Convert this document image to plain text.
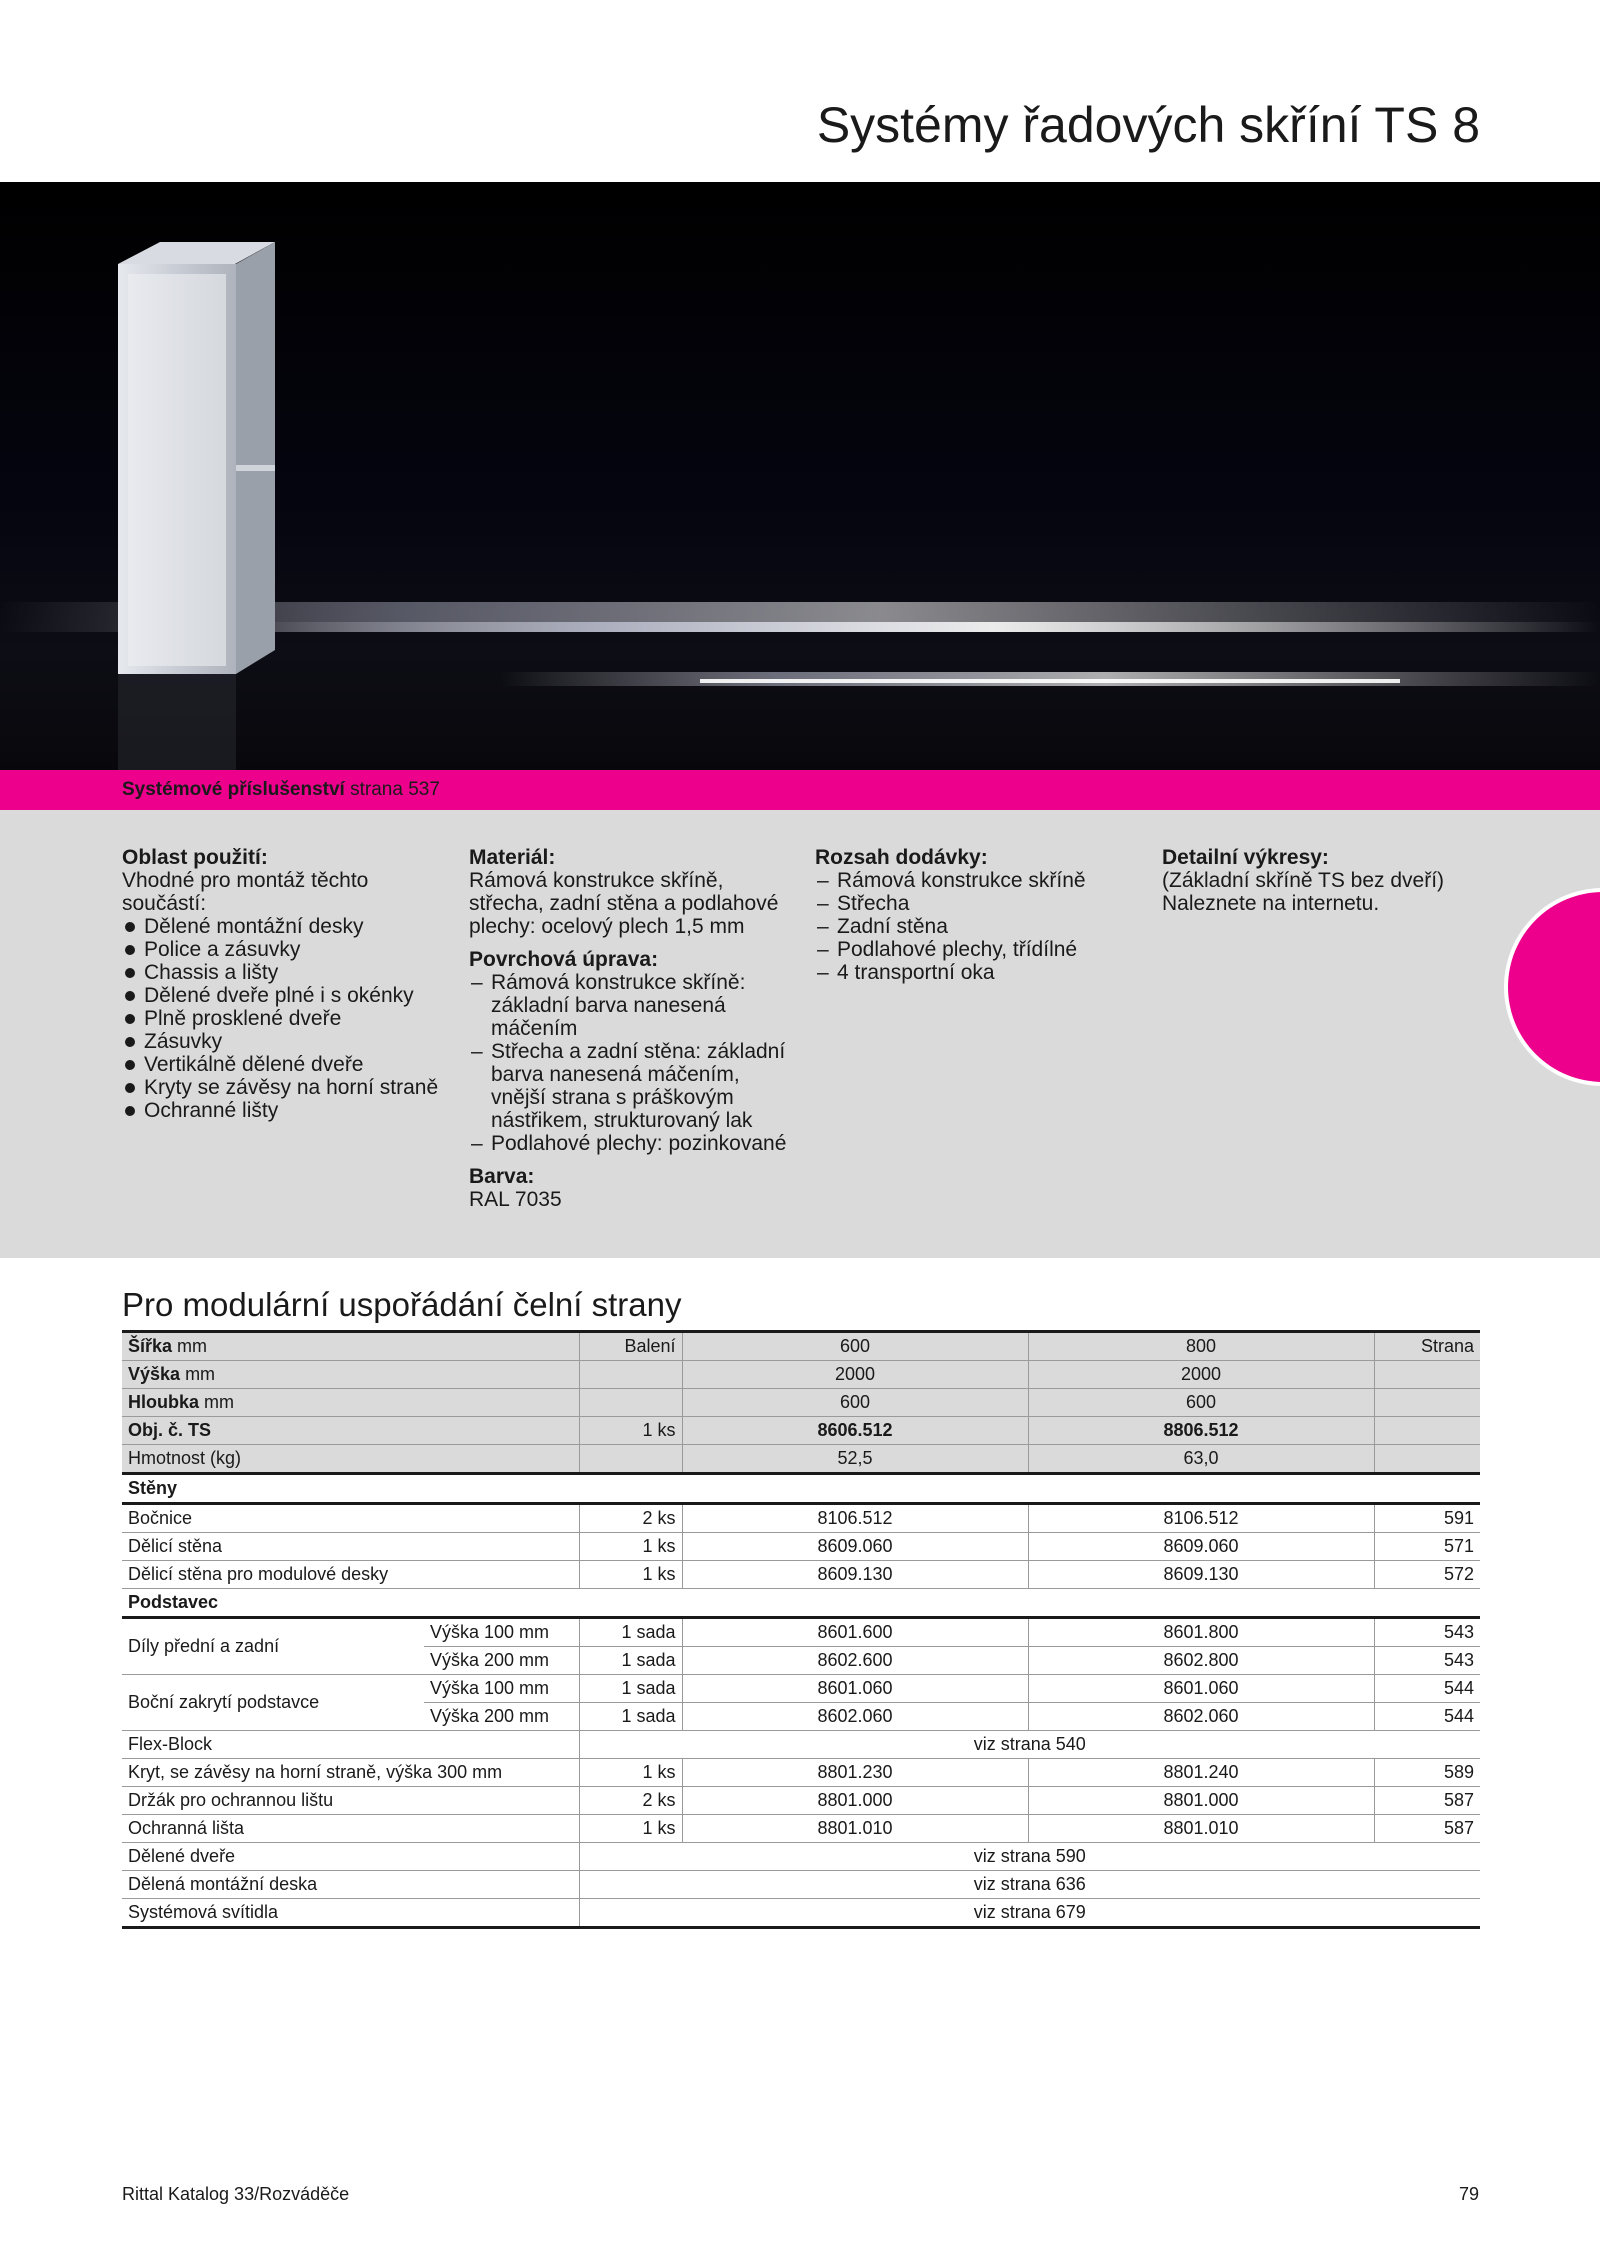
Systémy řadových skříní TS 8
Systémové příslušenství strana 537
Oblast použití:

Vhodné pro montáž těchto součástí:

Dělené montážní desky
Police a zásuvky
Chassis a lišty
Dělené dveře plné i s okénky
Plně prosklené dveře
Zásuvky
Vertikálně dělené dveře
Kryty se závěsy na horní straně
Ochranné lišty
Materiál:

Rámová konstrukce skříně, střecha, zadní stěna a podlahové plechy: ocelový plech 1,5 mm

Povrchová úprava:
– Rámová konstrukce skříně: základní barva nanesená máčením
– Střecha a zadní stěna: základní barva nanesená máčením, vnější strana s práškovým nástřikem, strukturovaný lak
– Podlahové plechy: pozinkované
Barva:

RAL 7035

Rozsah dodávky:
– Rámová konstrukce skříně
– Střecha
– Zadní stěna
– Podlahové plechy, třídílné
– 4 transportní oka
Detailní výkresy:

(Základní skříně TS bez dveří)

Naleznete na internetu.

Pro modulární uspořádání čelní strany
Šířka mm		Balení	600	800	Strana
Výška mm			2000	2000	
Hloubka mm			600	600	
Obj. č. TS		1 ks	8606.512	8806.512	
Hmotnost (kg)			52,5	63,0	
Stěny					
Bočnice		2 ks	8106.512	8106.512	591
Dělicí stěna		1 ks	8609.060	8609.060	571
Dělicí stěna pro modulové desky		1 ks	8609.130	8609.130	572
Podstavec					
Díly přední a zadní	Výška 100 mm	1 sada	8601.600	8601.800	543
	Výška 200 mm	1 sada	8602.600	8602.800	543
Boční zakrytí podstavce	Výška 100 mm	1 sada	8601.060	8601.060	544
	Výška 200 mm	1 sada	8602.060	8602.060	544
Flex-Block		viz strana 540			
Kryt, se závěsy na horní straně, výška 300 mm		1 ks	8801.230	8801.240	589
Držák pro ochrannou lištu		2 ks	8801.000	8801.000	587
Ochranná lišta		1 ks	8801.010	8801.010	587
Dělené dveře		viz strana 590			
Dělená montážní deska		viz strana 636			
Systémová svítidla		viz strana 679			
Rittal Katalog 33/Rozváděče	79
